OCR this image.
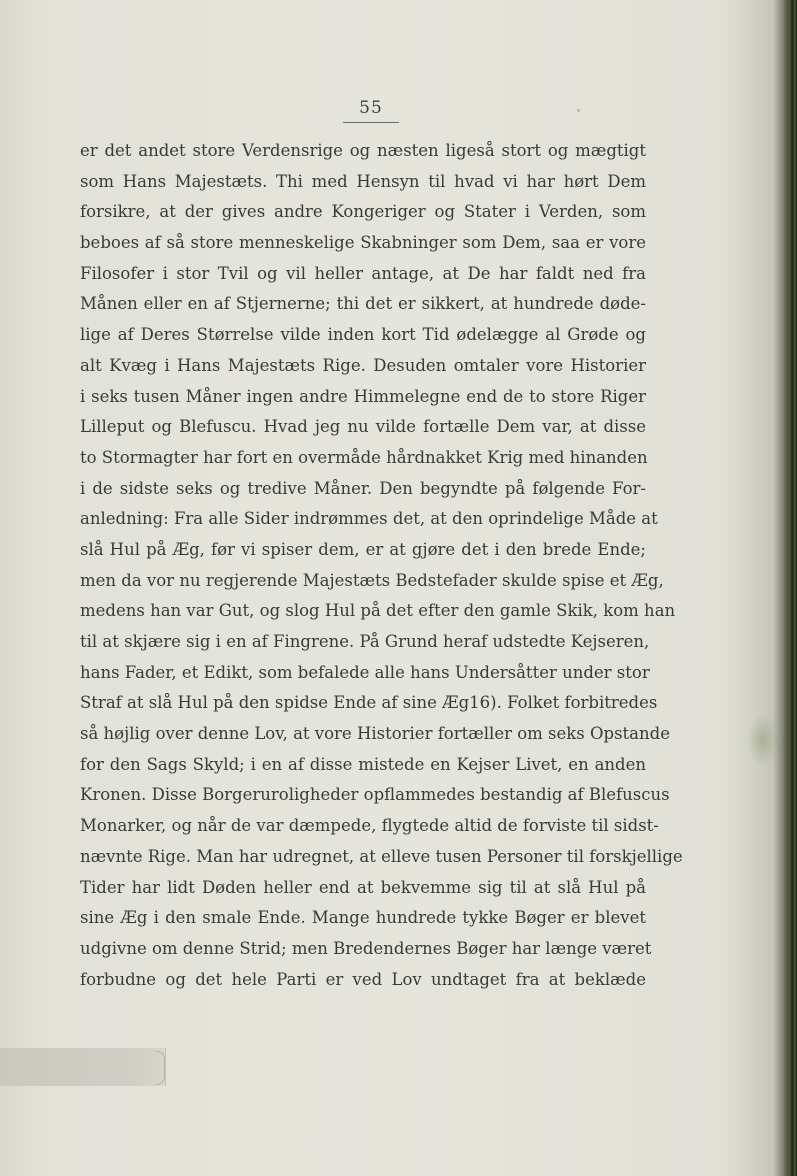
55
er det andet store Verdensrige og næsten ligeså stort og mægtigt
som Hans Majestæts. Thi med Hensyn til hvad vi har hørt Dem
forsikre, at der gives andre Kongeriger og Stater i Verden, som
beboes af så store menneskelige Skabninger som Dem, saa er vore
Filosofer i stor Tvil og vil heller antage, at De har faldt ned fra
Månen eller en af Stjernerne; thi det er sikkert, at hundrede døde-
lige af Deres Størrelse vilde inden kort Tid ødelægge al Grøde og
alt Kvæg i Hans Majestæts Rige. Desuden omtaler vore Historier
i seks tusen Måner ingen andre Himmelegne end de to store Riger
Lilleput og Blefuscu. Hvad jeg nu vilde fortælle Dem var, at disse
to Stormagter har fort en overmåde hårdnakket Krig med hinanden
i de sidste seks og tredive Måner. Den begyndte på følgende For-
anledning: Fra alle Sider indrømmes det, at den oprindelige Måde at
slå Hul på Æg, før vi spiser dem, er at gjøre det i den brede Ende;
men da vor nu regjerende Majestæts Bedstefader skulde spise et Æg,
medens han var Gut, og slog Hul på det efter den gamle Skik, kom han
til at skjære sig i en af Fingrene. På Grund heraf udstedte Kejseren,
hans Fader, et Edikt, som befalede alle hans Undersåtter under stor
Straf at slå Hul på den spidse Ende af sine Æg16). Folket forbitredes
så højlig over denne Lov, at vore Historier fortæller om seks Opstande
for den Sags Skyld; i en af disse mistede en Kejser Livet, en anden
Kronen. Disse Borgeruroligheder opflammedes bestandig af Blefuscus
Monarker, og når de var dæmpede, flygtede altid de forviste til sidst-
nævnte Rige. Man har udregnet, at elleve tusen Personer til forskjellige
Tider har lidt Døden heller end at bekvemme sig til at slå Hul på
sine Æg i den smale Ende. Mange hundrede tykke Bøger er blevet
udgivne om denne Strid; men Bredendernes Bøger har længe været
forbudne og det hele Parti er ved Lov undtaget fra at beklæde
